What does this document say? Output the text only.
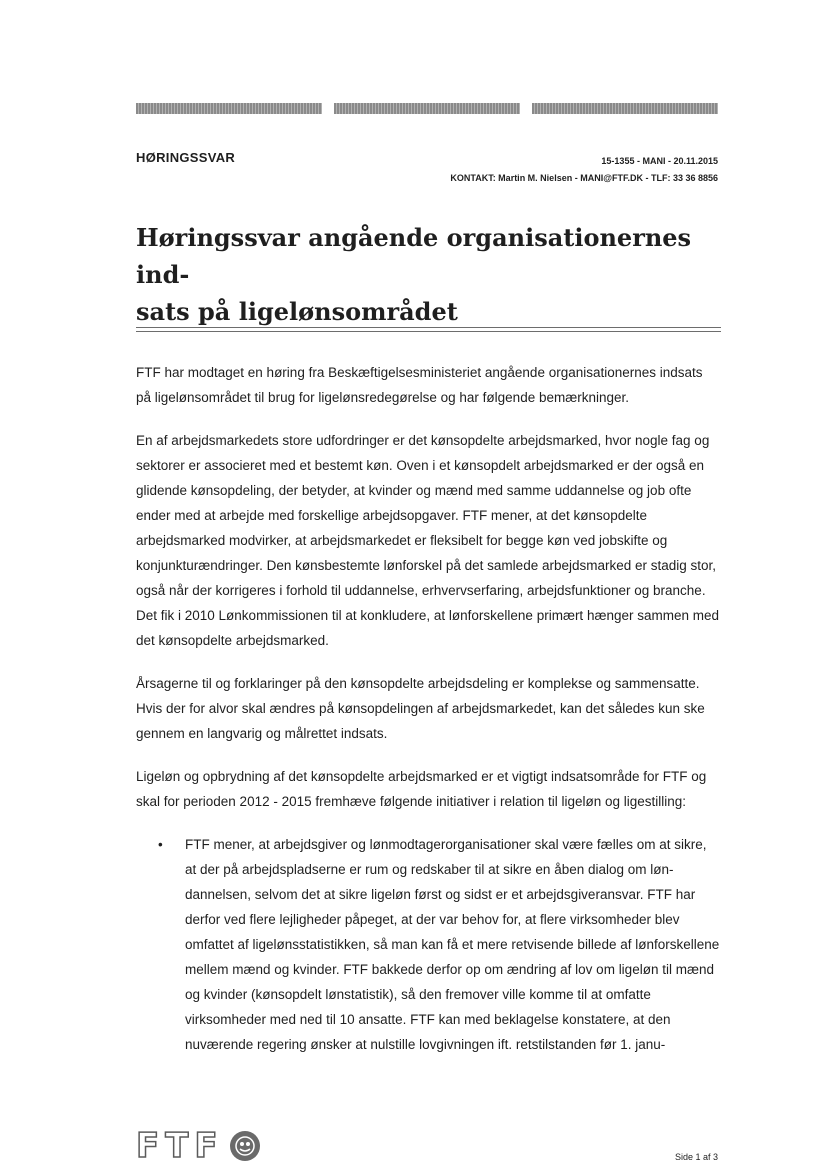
HØRINGSSVAR	15-1355 - MANI - 20.11.2015
KONTAKT: Martin M. Nielsen - MANI@FTF.DK - TLF: 33 36 8856
Høringssvar angående organisationernes ind-
sats på ligelønsområdet

FTF har modtaget en høring fra Beskæftigelsesministeriet angående organisationernes indsats på ligelønsområdet til brug for ligelønsredegørelse og har følgende bemærkninger.

En af arbejdsmarkedets store udfordringer er det kønsopdelte arbejdsmarked, hvor nogle fag og sektorer er associeret med et bestemt køn. Oven i et kønsopdelt arbejdsmarked er der også en glidende kønsopdeling, der betyder, at kvinder og mænd med samme uddannelse og job ofte ender med at arbejde med forskellige arbejdsopgaver. FTF mener, at det kønsopdelte arbejdsmarked modvirker, at arbejdsmarkedet er fleksibelt for begge køn ved jobskifte og konjunkturændringer. Den kønsbestemte lønforskel på det samlede arbejdsmarked er stadig stor, også når der korrigeres i forhold til uddannelse, erhvervserfaring, arbejdsfunktioner og branche. Det fik i 2010 Lønkommissionen til at konkludere, at lønforskellene primært hænger sammen med det kønsopdelte arbejdsmarked.

Årsagerne til og forklaringer på den kønsopdelte arbejdsdeling er komplekse og sammensatte. Hvis der for alvor skal ændres på kønsopdelingen af arbejdsmarkedet, kan det således kun ske gennem en langvarig og målrettet indsats.

Ligeløn og opbrydning af det kønsopdelte arbejdsmarked er et vigtigt indsatsområde for FTF og skal for perioden 2012 - 2015 fremhæve følgende initiativer i relation til ligeløn og ligestilling:

• FTF mener, at arbejdsgiver og lønmodtagerorganisationer skal være fælles om at sikre, at der på arbejdspladserne er rum og redskaber til at sikre en åben dialog om løndannelsen, selvom det at sikre ligeløn først og sidst er et arbejdsgiveransvar. FTF har derfor ved flere lejligheder påpeget, at der var behov for, at flere virksomheder blev omfattet af ligelønsstatistikken, så man kan få et mere retvisende billede af lønforskellene mellem mænd og kvinder. FTF bakkede derfor op om ændring af lov om ligeløn til mænd og kvinder (kønsopdelt lønstatistik), så den fremover ville komme til at omfatte virksomheder med ned til 10 ansatte. FTF kan med beklagelse konstatere, at den nuværende regering ønsker at nulstille lovgivningen ift. retstilstanden før 1. janu-
FTF	Side 1 af 3
